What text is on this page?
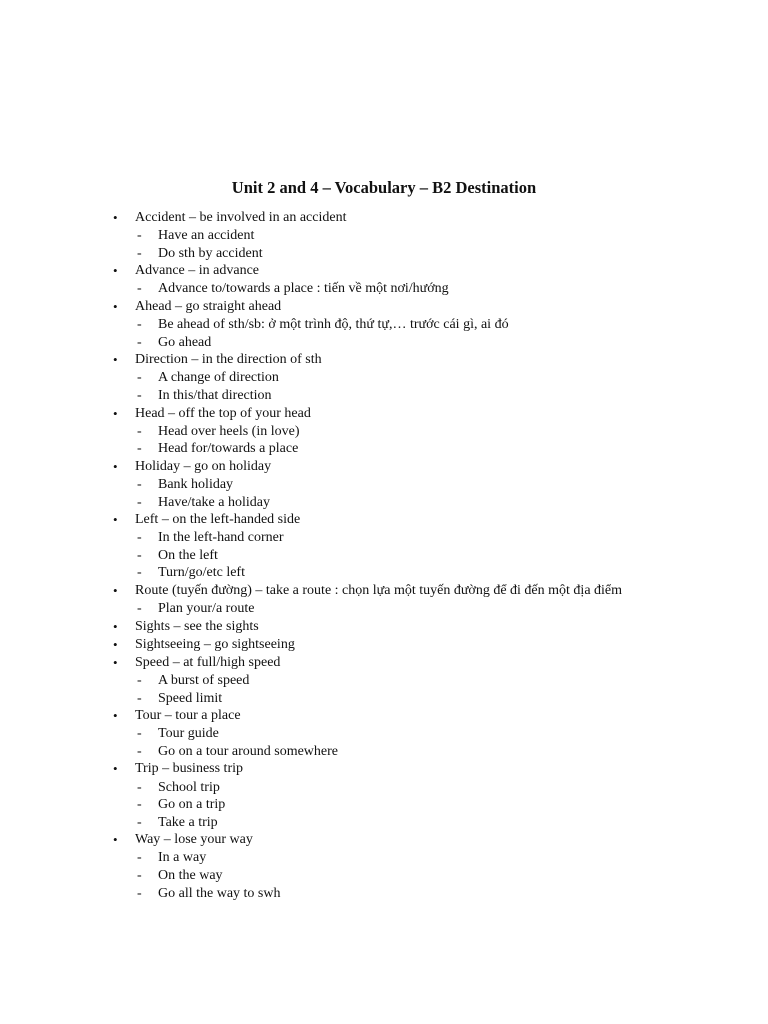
Unit 2 and 4 – Vocabulary – B2 Destination
• Accident – be involved in an accident
- Have an accident
- Do sth by accident
• Advance – in advance
- Advance to/towards a place : tiến về một nơi/hướng
• Ahead – go straight ahead
- Be ahead of sth/sb: ở một trình độ, thứ tự,… trước cái gì, ai đó
- Go ahead
• Direction – in the direction of sth
- A change of direction
- In this/that direction
• Head – off the top of your head
- Head over heels (in love)
- Head for/towards a place
• Holiday – go on holiday
- Bank holiday
- Have/take a holiday
• Left – on the left-handed side
- In the left-hand corner
- On the left
- Turn/go/etc left
• Route (tuyến đường) – take a route : chọn lựa một tuyến đường để đi đến một địa điểm
- Plan your/a route
• Sights – see the sights
• Sightseeing – go sightseeing
• Speed – at full/high speed
- A burst of speed
- Speed limit
• Tour – tour a place
- Tour guide
- Go on a tour around somewhere
• Trip – business trip
- School trip
- Go on a trip
- Take a trip
• Way – lose your way
- In a way
- On the way
- Go all the way to swh
